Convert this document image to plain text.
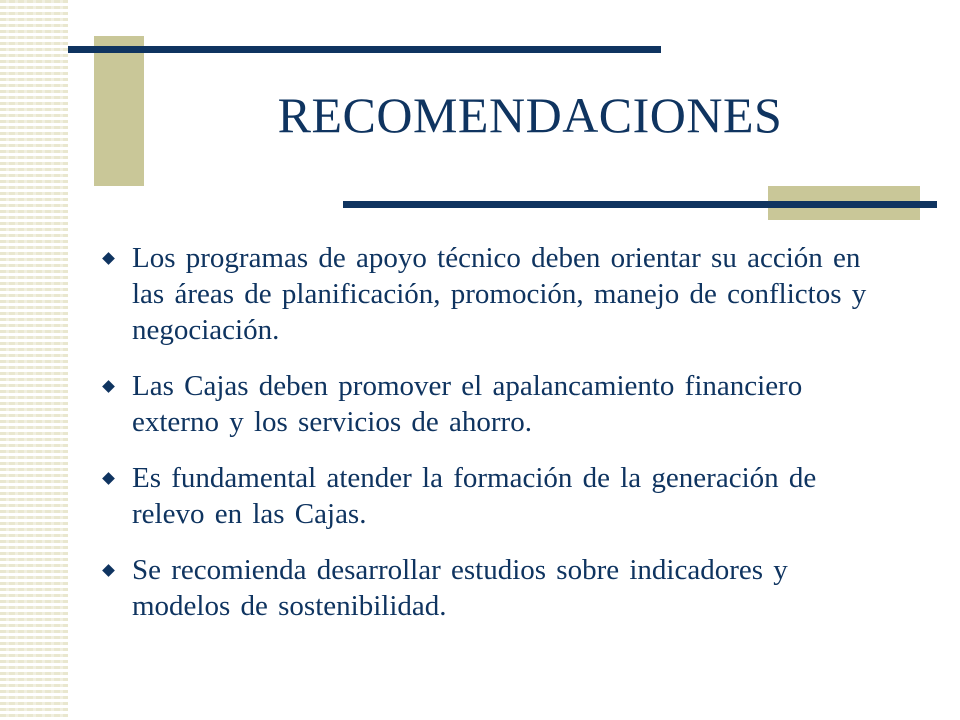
RECOMENDACIONES
Los programas de apoyo técnico deben orientar su acción en las áreas de planificación, promoción, manejo de conflictos y negociación.
Las Cajas deben promover el apalancamiento financiero externo y los servicios de ahorro.
Es fundamental atender la formación de la generación de relevo en las Cajas.
Se recomienda desarrollar estudios sobre indicadores y modelos de sostenibilidad.
